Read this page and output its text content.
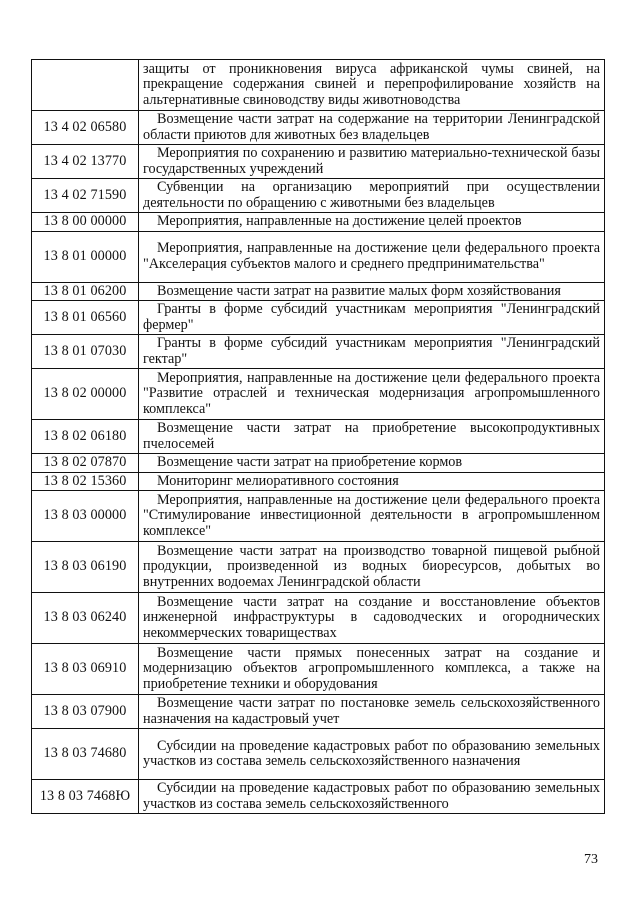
	защиты от проникновения вируса африканской чумы свиней, на прекращение содержания свиней и перепрофилирование хозяйств на альтернативные свиноводству виды животноводства
13 4 02 06580	Возмещение части затрат на содержание на территории Ленинградской области приютов для животных без владельцев
13 4 02 13770	Мероприятия по сохранению и развитию материально-технической базы государственных учреждений
13 4 02 71590	Субвенции на организацию мероприятий при осуществлении деятельности по обращению с животными без владельцев
13 8 00 00000	Мероприятия, направленные на достижение целей проектов
13 8 01 00000	Мероприятия, направленные на достижение цели федерального проекта "Акселерация субъектов малого и среднего предпринимательства"
13 8 01 06200	Возмещение части затрат на развитие малых форм хозяйствования
13 8 01 06560	Гранты в форме субсидий участникам мероприятия "Ленинградский фермер"
13 8 01 07030	Гранты в форме субсидий участникам мероприятия "Ленинградский гектар"
13 8 02 00000	Мероприятия, направленные на достижение цели федерального проекта "Развитие отраслей и техническая модернизация агропромышленного комплекса"
13 8 02 06180	Возмещение части затрат на приобретение высокопродуктивных пчелосемей
13 8 02 07870	Возмещение части затрат на приобретение кормов
13 8 02 15360	Мониторинг мелиоративного состояния
13 8 03 00000	Мероприятия, направленные на достижение цели федерального проекта "Стимулирование инвестиционной деятельности в агропромышленном комплексе"
13 8 03 06190	Возмещение части затрат на производство товарной пищевой рыбной продукции, произведенной из водных биоресурсов, добытых во внутренних водоемах Ленинградской области
13 8 03 06240	Возмещение части затрат на создание и восстановление объектов инженерной инфраструктуры в садоводческих и огороднических некоммерческих товариществах
13 8 03 06910	Возмещение части прямых понесенных затрат на создание и модернизацию объектов агропромышленного комплекса, а также на приобретение техники и оборудования
13 8 03 07900	Возмещение части затрат по постановке земель сельскохозяйственного назначения на кадастровый учет
13 8 03 74680	Субсидии на проведение кадастровых работ по образованию земельных участков из состава земель сельскохозяйственного назначения
13 8 03 7468Ю	Субсидии на проведение кадастровых работ по образованию земельных участков из состава земель сельскохозяйственного
73
